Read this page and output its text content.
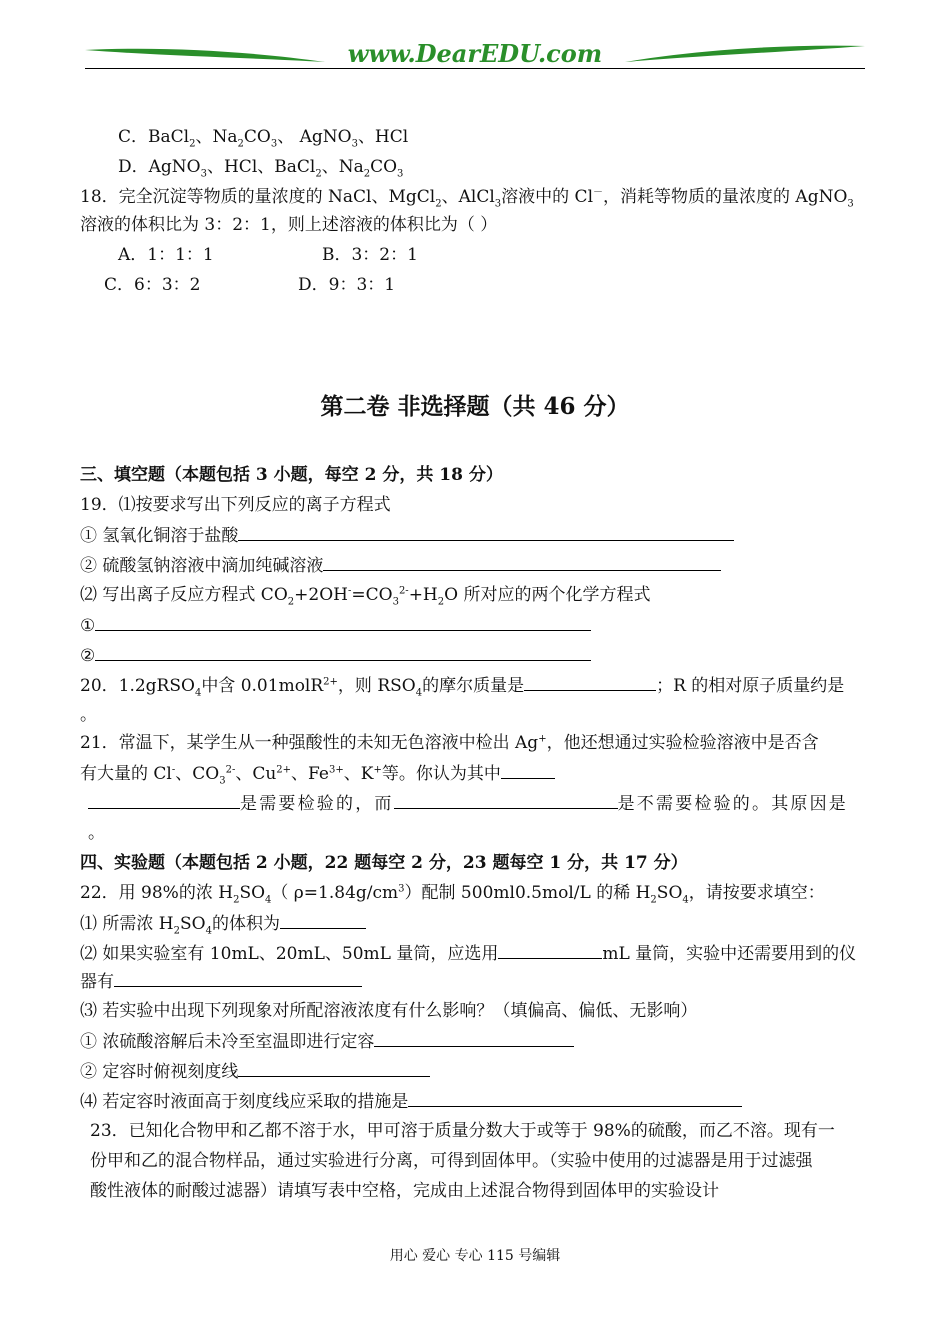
www.DearEDU.com
C．BaCl$_2$、$Na_2CO_3$、 AgNO$_3$、HCl
D．AgNO$_3$、HCl、BaCl$_2$、$Na_2CO_3$
18．完全沉淀等物质的量浓度的 NaCl、MgCl$_2$、AlCl$_3$溶液中的 Cl－，消耗等物质的量浓度的 AgNO$_3$
溶液的体积比为 3：2：1，则上述溶液的体积比为（ ）
A．1：1：1	B．3：2：1
C．6：3：2	D．9：3：1
第二卷 非选择题（共 46 分）
三、填空题（本题包括 3 小题，每空 2 分，共 18 分）
19．⑴按要求写出下列反应的离子方程式
① 氢氧化铜溶于盐酸
② 硫酸氢钠溶液中滴加纯碱溶液
⑵ 写出离子反应方程式 $CO_2+2OH^-=CO_3^{2-}+H_2O$ 所对应的两个化学方程式
①
②
20．1.2gRSO$_4$中含 0.01molR$^{2+}$，则 $RSO_4$的摩尔质量是	；R 的相对原子质量约是
。
21．常温下，某学生从一种强酸性的未知无色溶液中检出 Ag+，他还想通过实验检验溶液中是否含
有大量的 Cl-、$CO_3^{2-}$、$Cu^{2+}$、$Fe^{3+}$、K+等。你认为其中
是需要检验的，而	是不需要检验的。其原因是
。
四、实验题（本题包括 2 小题，22 题每空 2 分，23 题每空 1 分，共 17 分）
22．用 98%的浓 $H_2SO_4$（ $\rho=1.84g/cm^3$）配制 500ml0.5mol/L 的稀 $H_2SO_4$，请按要求填空：
⑴ 所需浓 $H_2SO_4$的体积为
⑵ 如果实验室有 10mL、20mL、50mL 量筒，应选用	mL 量筒，实验中还需要用到的仪
器有
⑶ 若实验中出现下列现象对所配溶液浓度有什么影响？（填偏高、偏低、无影响）
① 浓硫酸溶解后未冷至室温即进行定容
② 定容时俯视刻度线
⑷ 若定容时液面高于刻度线应采取的措施是
23．已知化合物甲和乙都不溶于水，甲可溶于质量分数大于或等于 98%的硫酸，而乙不溶。现有一
份甲和乙的混合物样品，通过实验进行分离，可得到固体甲。（实验中使用的过滤器是用于过滤强
酸性液体的耐酸过滤器）请填写表中空格，完成由上述混合物得到固体甲的实验设计
用心 爱心 专心 115 号编辑
